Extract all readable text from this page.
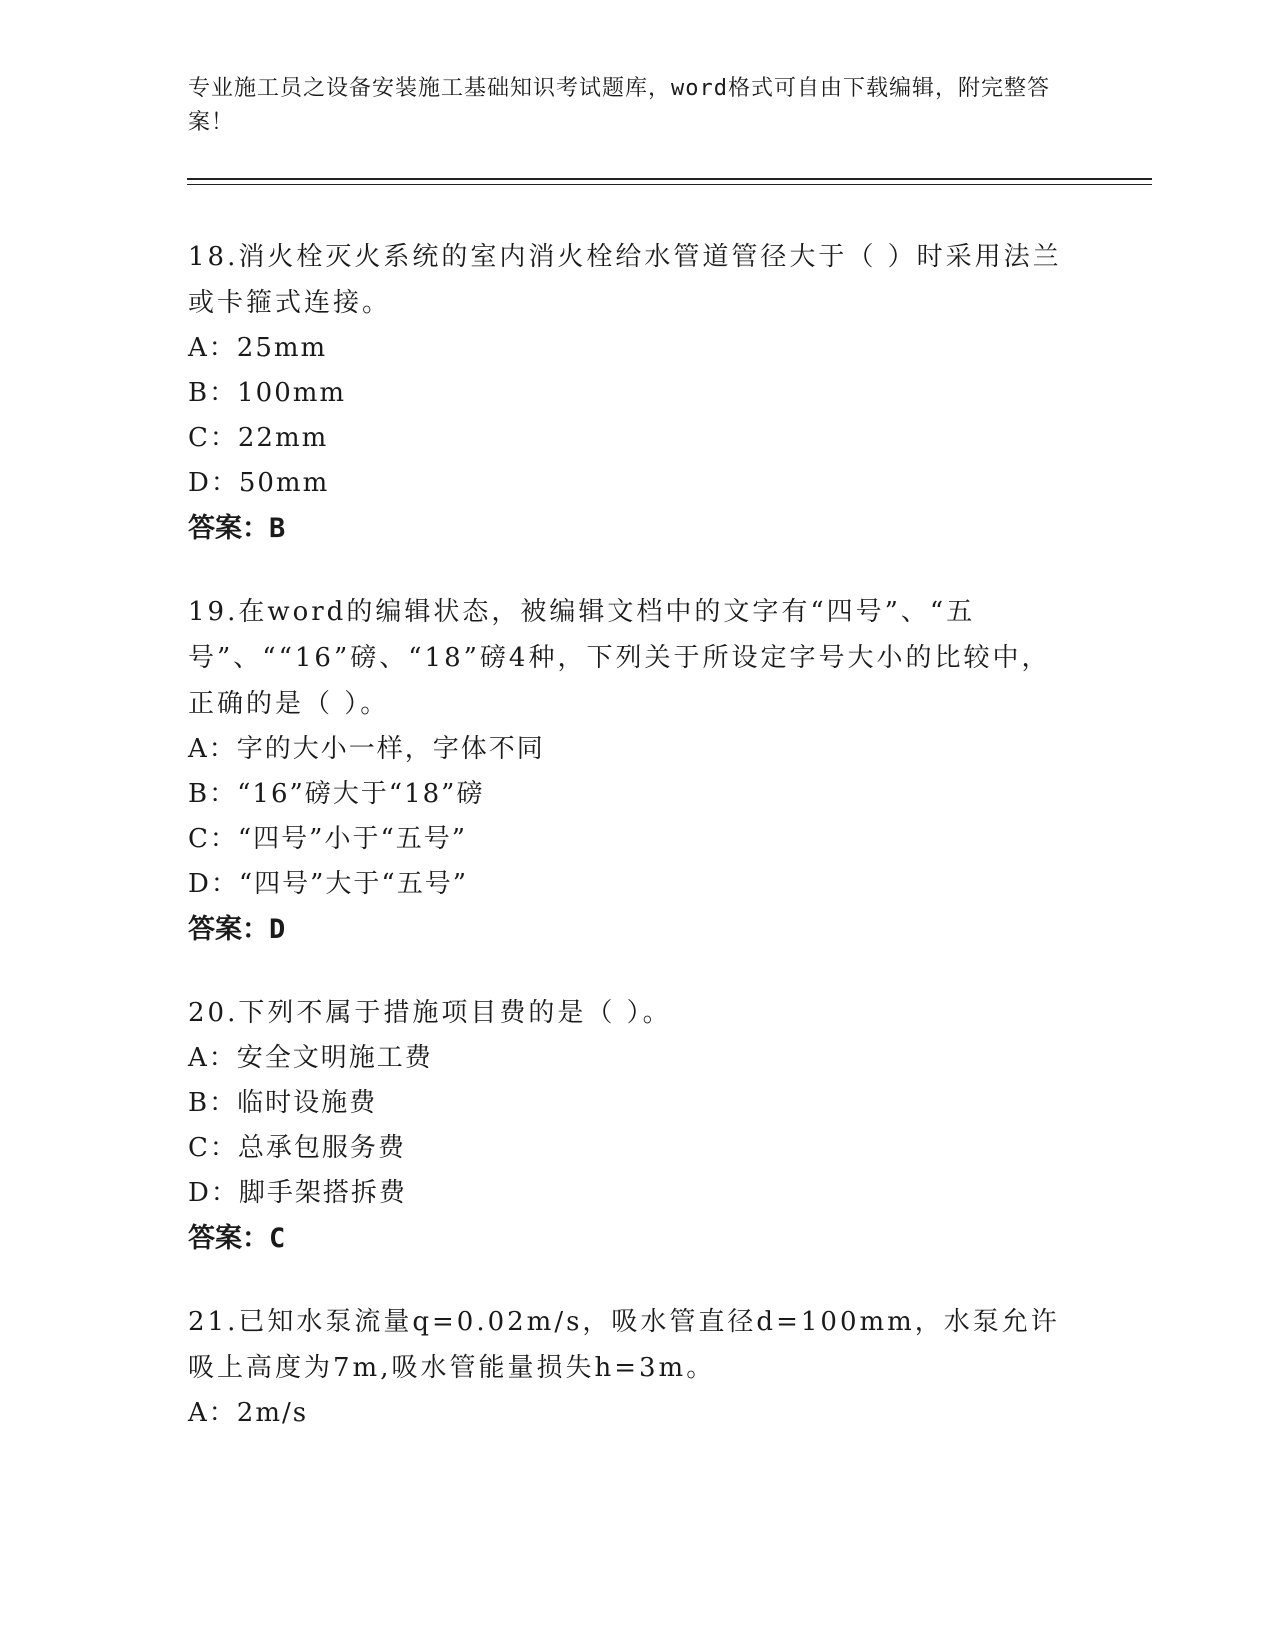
专业施工员之设备安装施工基础知识考试题库，word格式可自由下载编辑，附完整答案！
18.消火栓灭火系统的室内消火栓给水管道管径大于（ ）时采用法兰或卡箍式连接。
A：25mm
B：100mm
C：22mm
D：50mm
答案：B
19.在word的编辑状态，被编辑文档中的文字有“四号”、“五号”、““16”磅、“18”磅4种，下列关于所设定字号大小的比较中，正确的是（ ）。
A：字的大小一样，字体不同
B：“16”磅大于“18”磅
C：“四号”小于“五号”
D：“四号”大于“五号”
答案：D
20.下列不属于措施项目费的是（ ）。
A：安全文明施工费
B：临时设施费
C：总承包服务费
D：脚手架搭拆费
答案：C
21.已知水泵流量q=0.02m/s，吸水管直径d=100mm，水泵允许吸上高度为7m,吸水管能量损失h=3m。
A：2m/s
